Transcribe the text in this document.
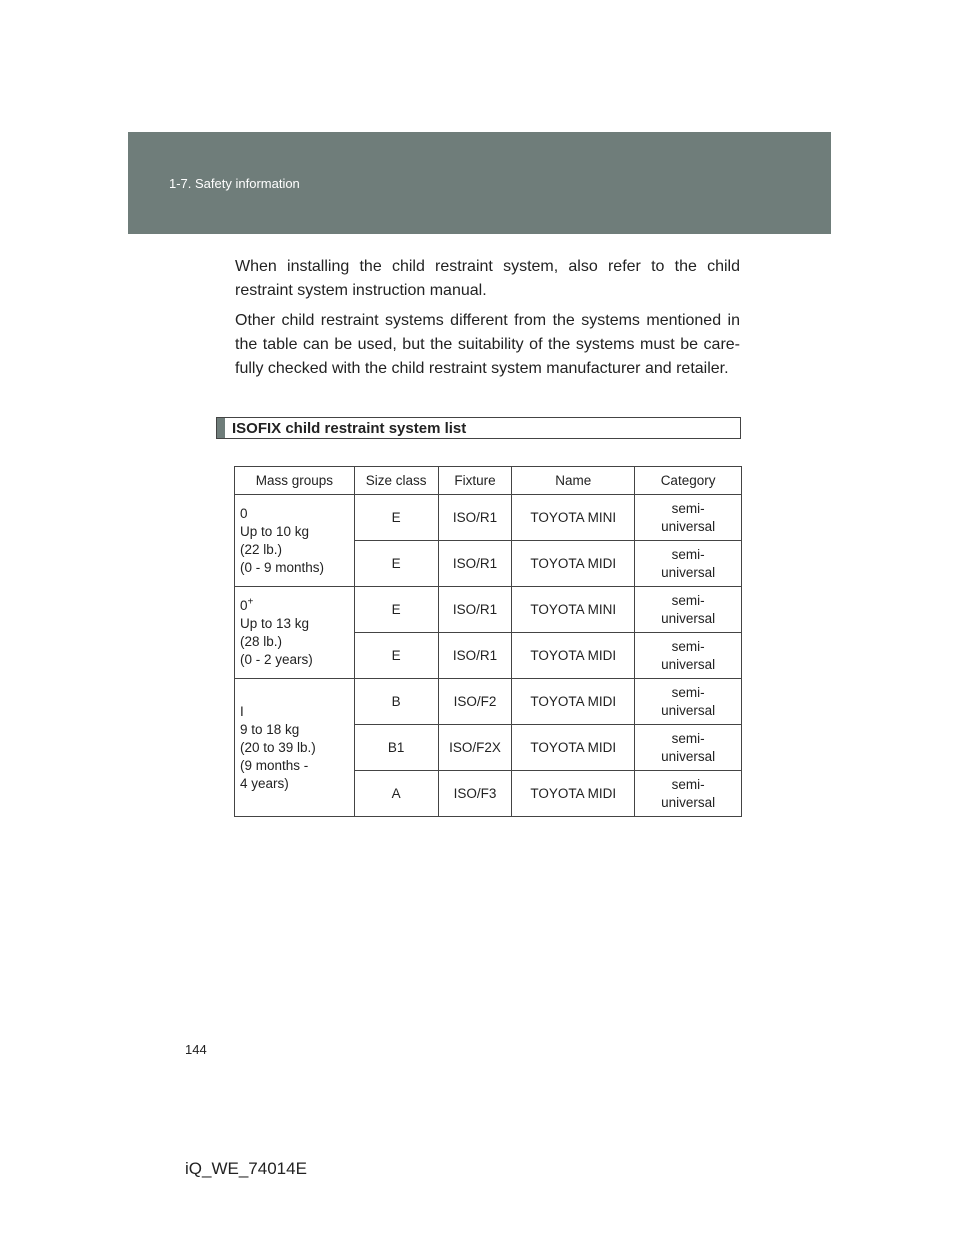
1-7. Safety information
When installing the child restraint system, also refer to the child restraint system instruction manual.
Other child restraint systems different from the systems mentioned in the table can be used, but the suitability of the systems must be care-fully checked with the child restraint system manufacturer and retailer.
ISOFIX child restraint system list
Mass groups	Size class	Fixture	Name	Category

0
Up to 10 kg
(22 lb.)
(0 - 9 months)	E	ISO/R1	TOYOTA MINI	semi-
universal

	E	ISO/R1	TOYOTA MIDI	semi-
universal

0+

Up to 13 kg
(28 lb.)
(0 - 2 years)	E	ISO/R1	TOYOTA MINI	semi-
universal

	E	ISO/R1	TOYOTA MIDI	semi-
universal

I
9 to 18 kg
(20 to 39 lb.)
(9 months -
4 years)	B	ISO/F2	TOYOTA MIDI	semi-
universal

	B1	ISO/F2X	TOYOTA MIDI	semi-
universal

	A	ISO/F3	TOYOTA MIDI	semi-
universal
144
iQ_WE_74014E
